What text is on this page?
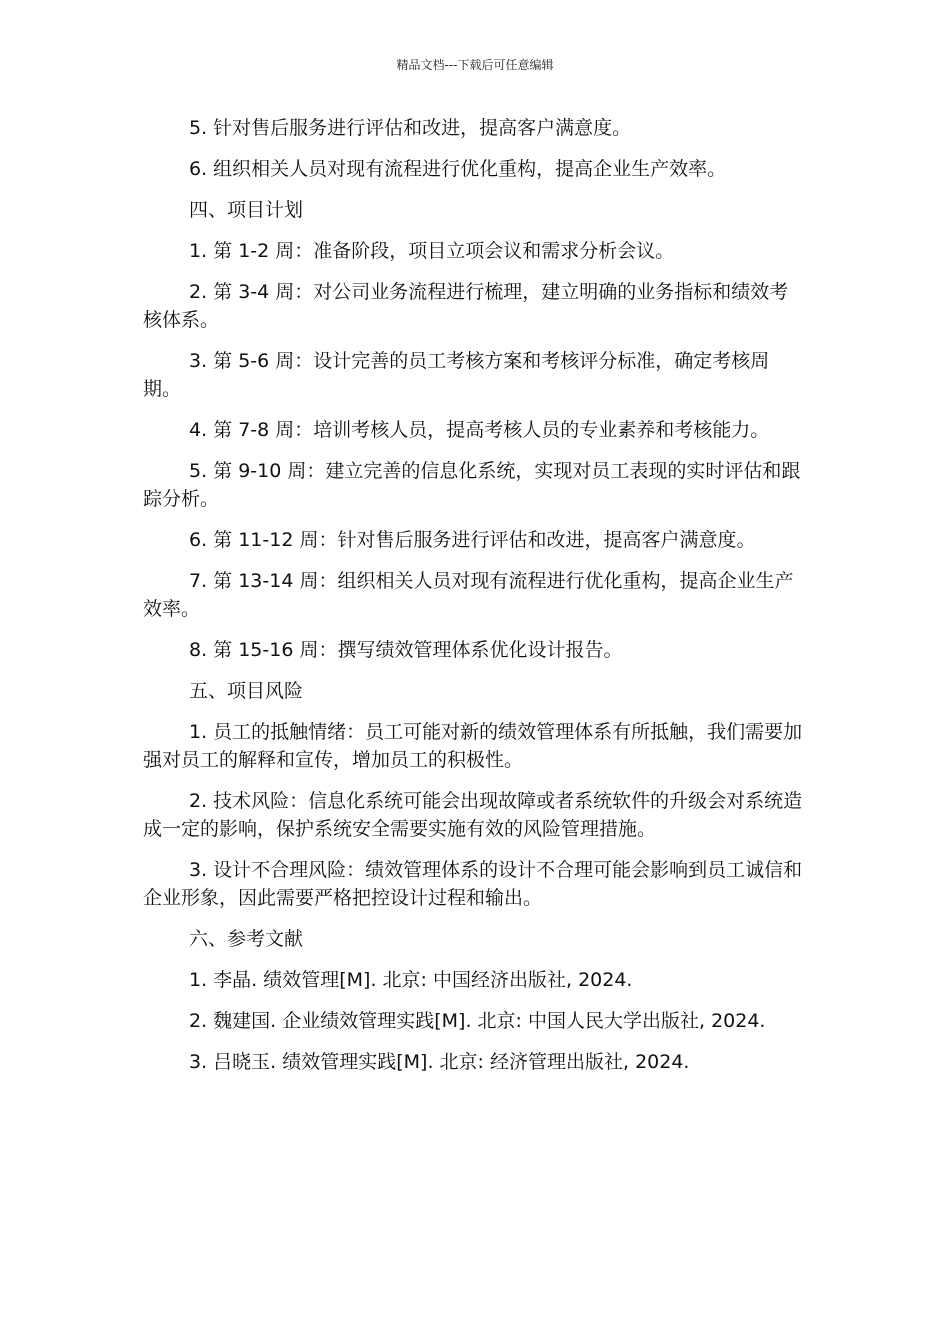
精品文档---下载后可任意编辑

5. 针对售后服务进行评估和改进，提高客户满意度。

6. 组织相关人员对现有流程进行优化重构，提高企业生产效率。

四、项目计划

1. 第 1-2 周：准备阶段，项目立项会议和需求分析会议。

2. 第 3-4 周：对公司业务流程进行梳理，建立明确的业务指标和绩效考核体系。

3. 第 5-6 周：设计完善的员工考核方案和考核评分标准，确定考核周期。

4. 第 7-8 周：培训考核人员，提高考核人员的专业素养和考核能力。

5. 第 9-10 周：建立完善的信息化系统，实现对员工表现的实时评估和跟踪分析。

6. 第 11-12 周：针对售后服务进行评估和改进，提高客户满意度。

7. 第 13-14 周：组织相关人员对现有流程进行优化重构，提高企业生产效率。

8. 第 15-16 周：撰写绩效管理体系优化设计报告。

五、项目风险

1. 员工的抵触情绪：员工可能对新的绩效管理体系有所抵触，我们需要加强对员工的解释和宣传，增加员工的积极性。

2. 技术风险：信息化系统可能会出现故障或者系统软件的升级会对系统造成一定的影响，保护系统安全需要实施有效的风险管理措施。

3. 设计不合理风险：绩效管理体系的设计不合理可能会影响到员工诚信和企业形象，因此需要严格把控设计过程和输出。

六、参考文献

1. 李晶. 绩效管理[M]. 北京: 中国经济出版社, 2024.

2. 魏建国. 企业绩效管理实践[M]. 北京: 中国人民大学出版社, 2024.

3. 吕晓玉. 绩效管理实践[M]. 北京: 经济管理出版社, 2024.
